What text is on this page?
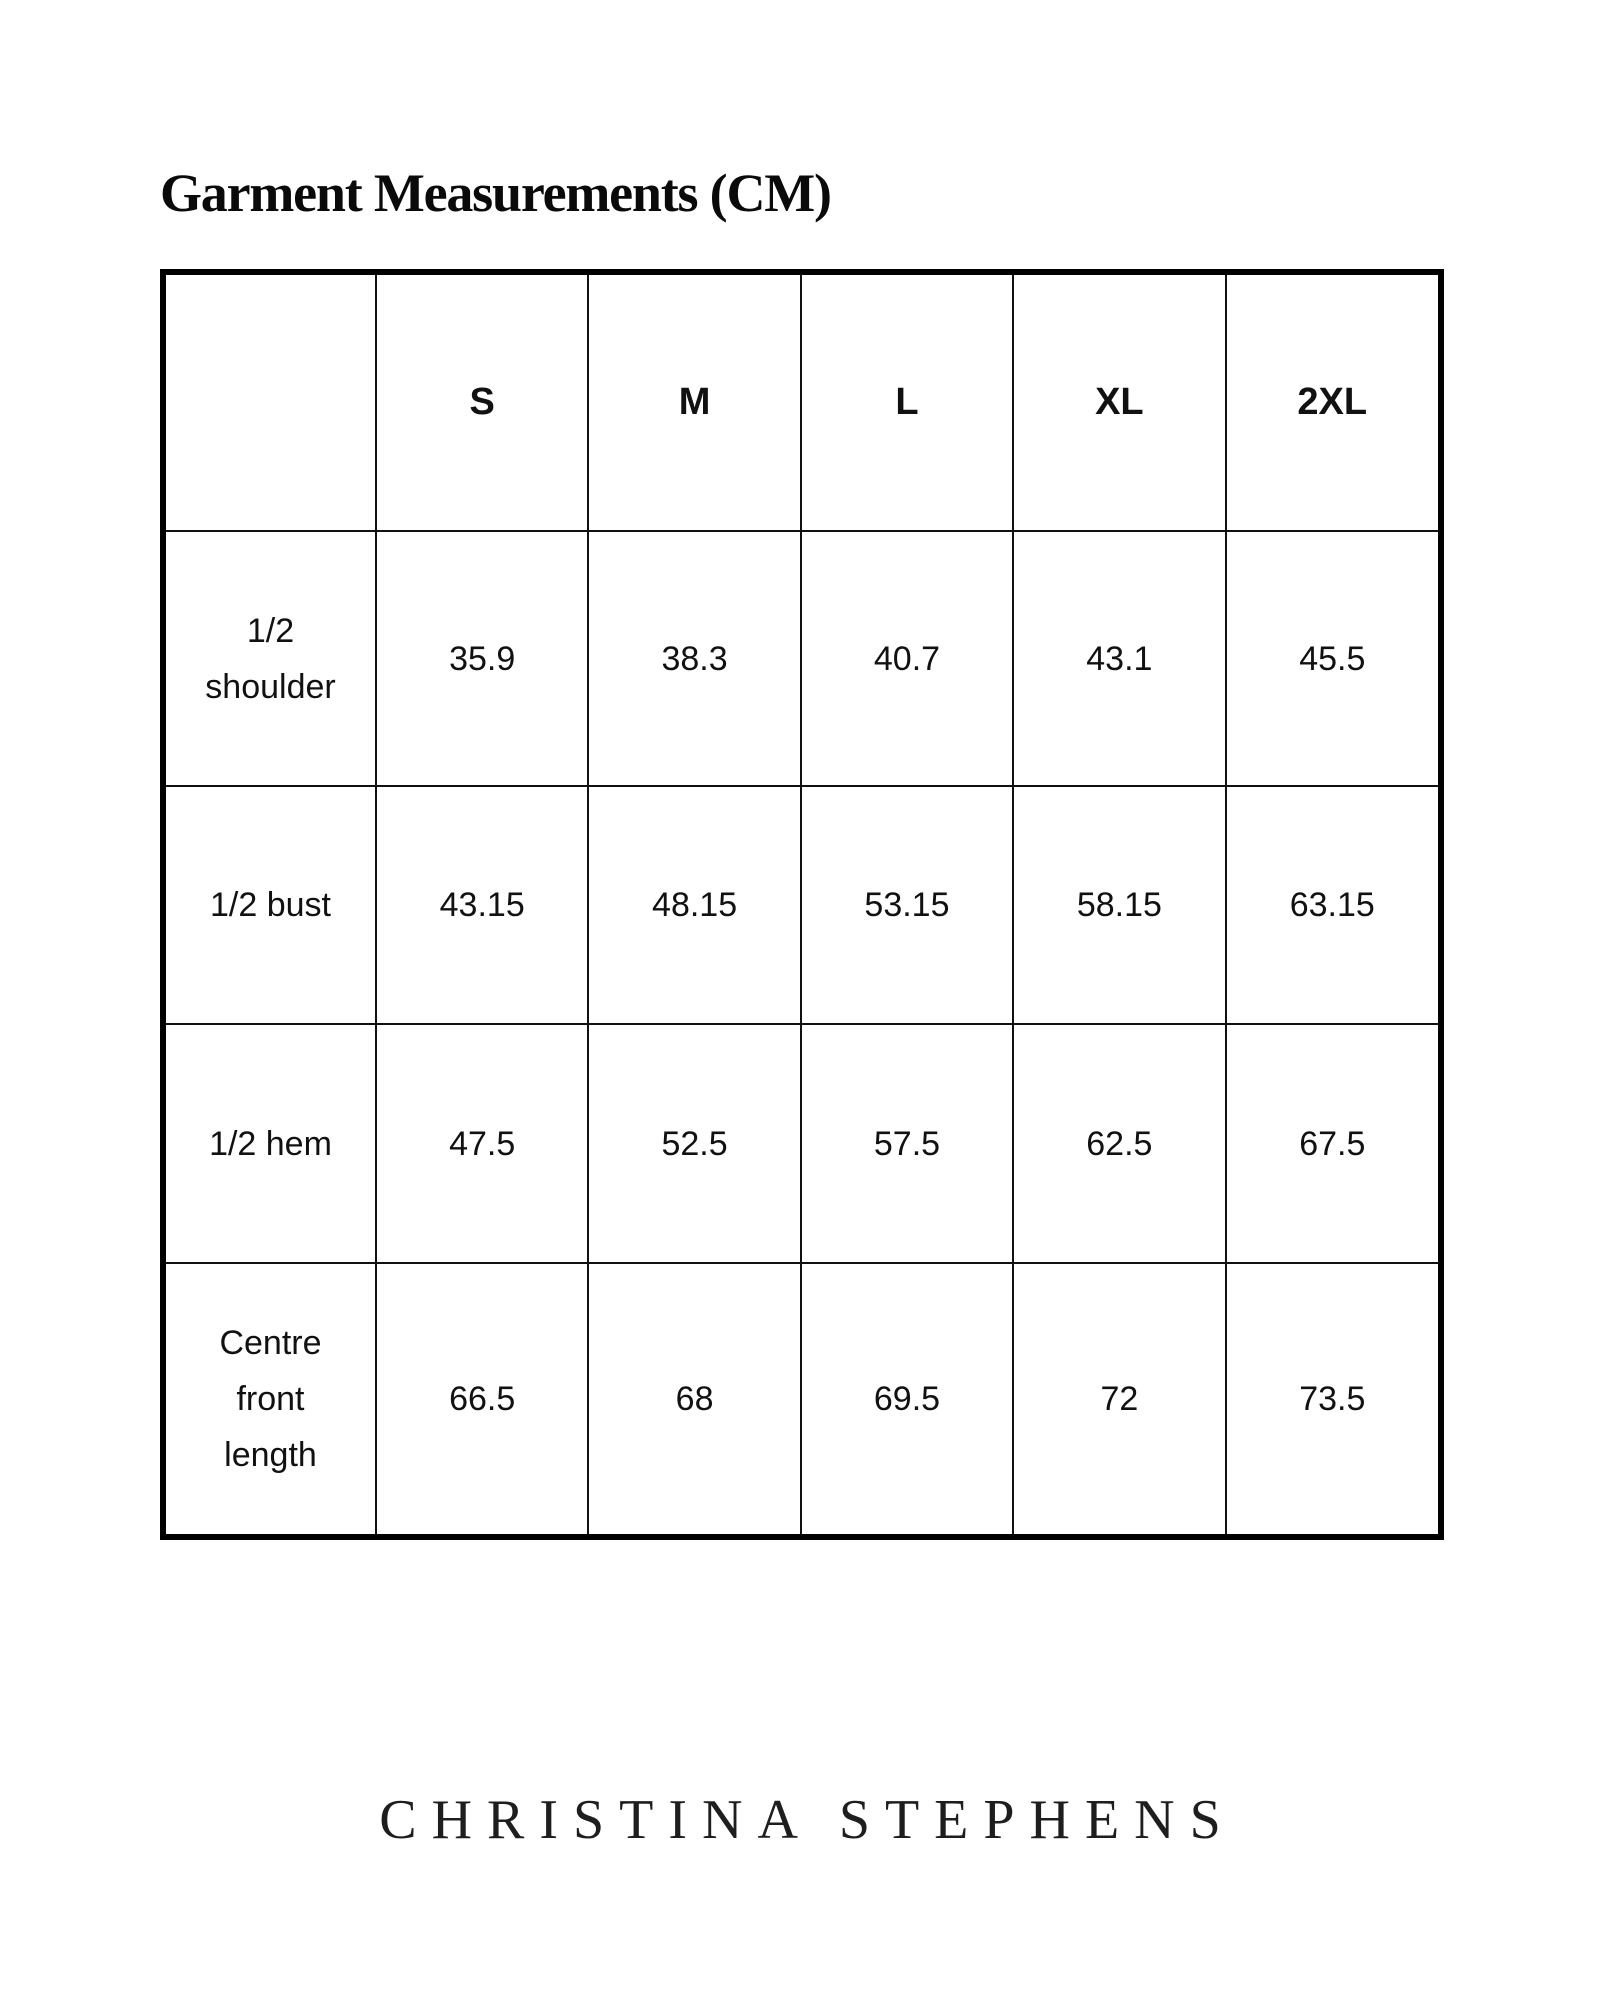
Garment Measurements (CM)
	S	M	L	XL	2XL
1/2
shoulder	35.9	38.3	40.7	43.1	45.5
1/2 bust	43.15	48.15	53.15	58.15	63.15
1/2 hem	47.5	52.5	57.5	62.5	67.5
Centre
front
length	66.5	68	69.5	72	73.5
CHRISTINA STEPHENS
